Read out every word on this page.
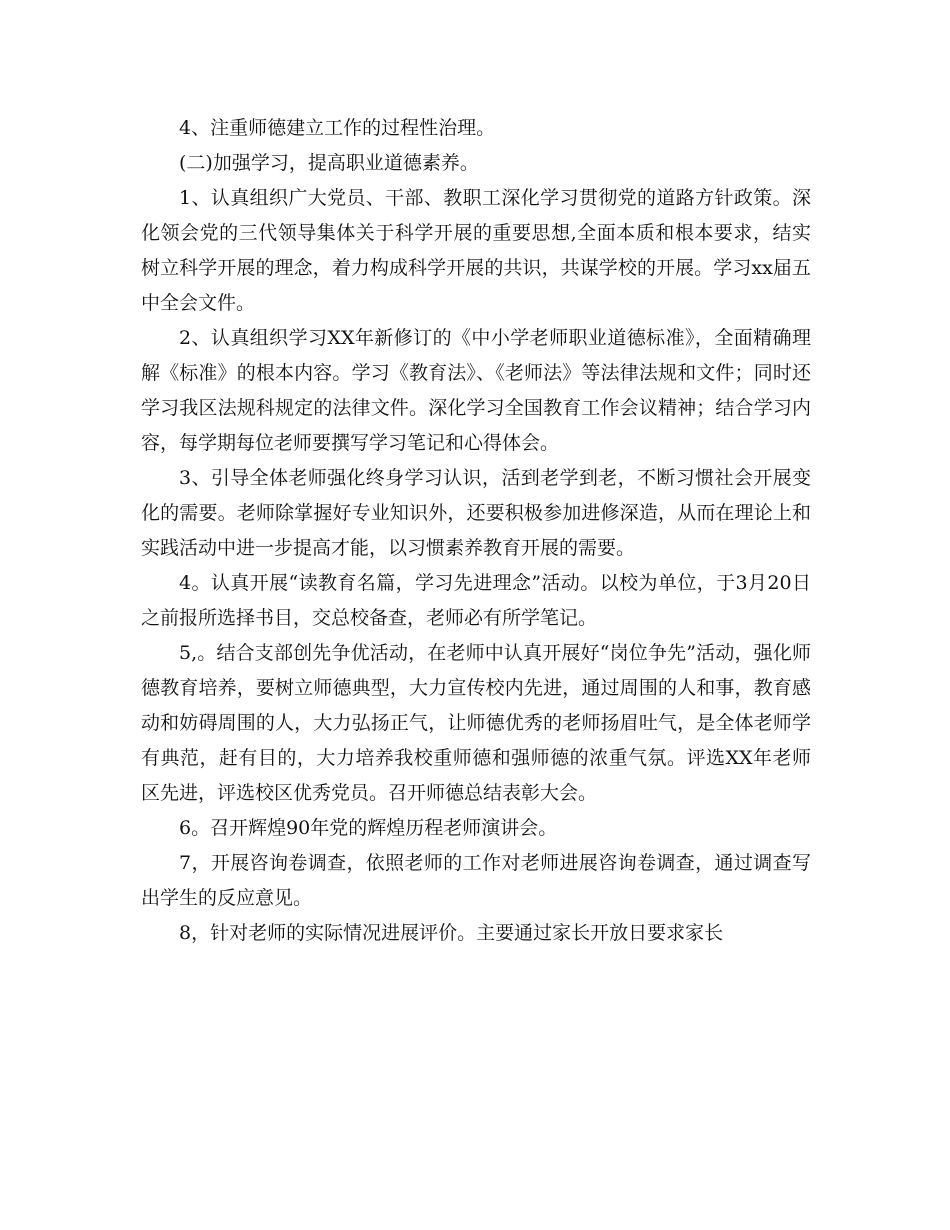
4、注重师德建立工作的过程性治理。

(二)加强学习，提高职业道德素养。

1、认真组织广大党员、干部、教职工深化学习贯彻党的道路方针政策。深化领会党的三代领导集体关于科学开展的重要思想,全面本质和根本要求，结实树立科学开展的理念，着力构成科学开展的共识，共谋学校的开展。学习xx届五中全会文件。

2、认真组织学习XX年新修订的《中小学老师职业道德标准》，全面精确理解《标准》的根本内容。学习《教育法》、《老师法》等法律法规和文件；同时还学习我区法规科规定的法律文件。深化学习全国教育工作会议精神；结合学习内容，每学期每位老师要撰写学习笔记和心得体会。

3、引导全体老师强化终身学习认识，活到老学到老，不断习惯社会开展变化的需要。老师除掌握好专业知识外，还要积极参加进修深造，从而在理论上和实践活动中进一步提高才能，以习惯素养教育开展的需要。

4。认真开展“读教育名篇，学习先进理念”活动。以校为单位，于3月20日之前报所选择书目，交总校备查，老师必有所学笔记。

5,。结合支部创先争优活动，在老师中认真开展好“岗位争先”活动，强化师德教育培养，要树立师德典型，大力宣传校内先进，通过周围的人和事，教育感动和妨碍周围的人，大力弘扬正气，让师德优秀的老师扬眉吐气，是全体老师学有典范，赶有目的，大力培养我校重师德和强师德的浓重气氛。评选XX年老师区先进，评选校区优秀党员。召开师德总结表彰大会。

6。召开辉煌90年党的辉煌历程老师演讲会。

7，开展咨询卷调查，依照老师的工作对老师进展咨询卷调查，通过调查写出学生的反应意见。

8，针对老师的实际情况进展评价。主要通过家长开放日要求家长
